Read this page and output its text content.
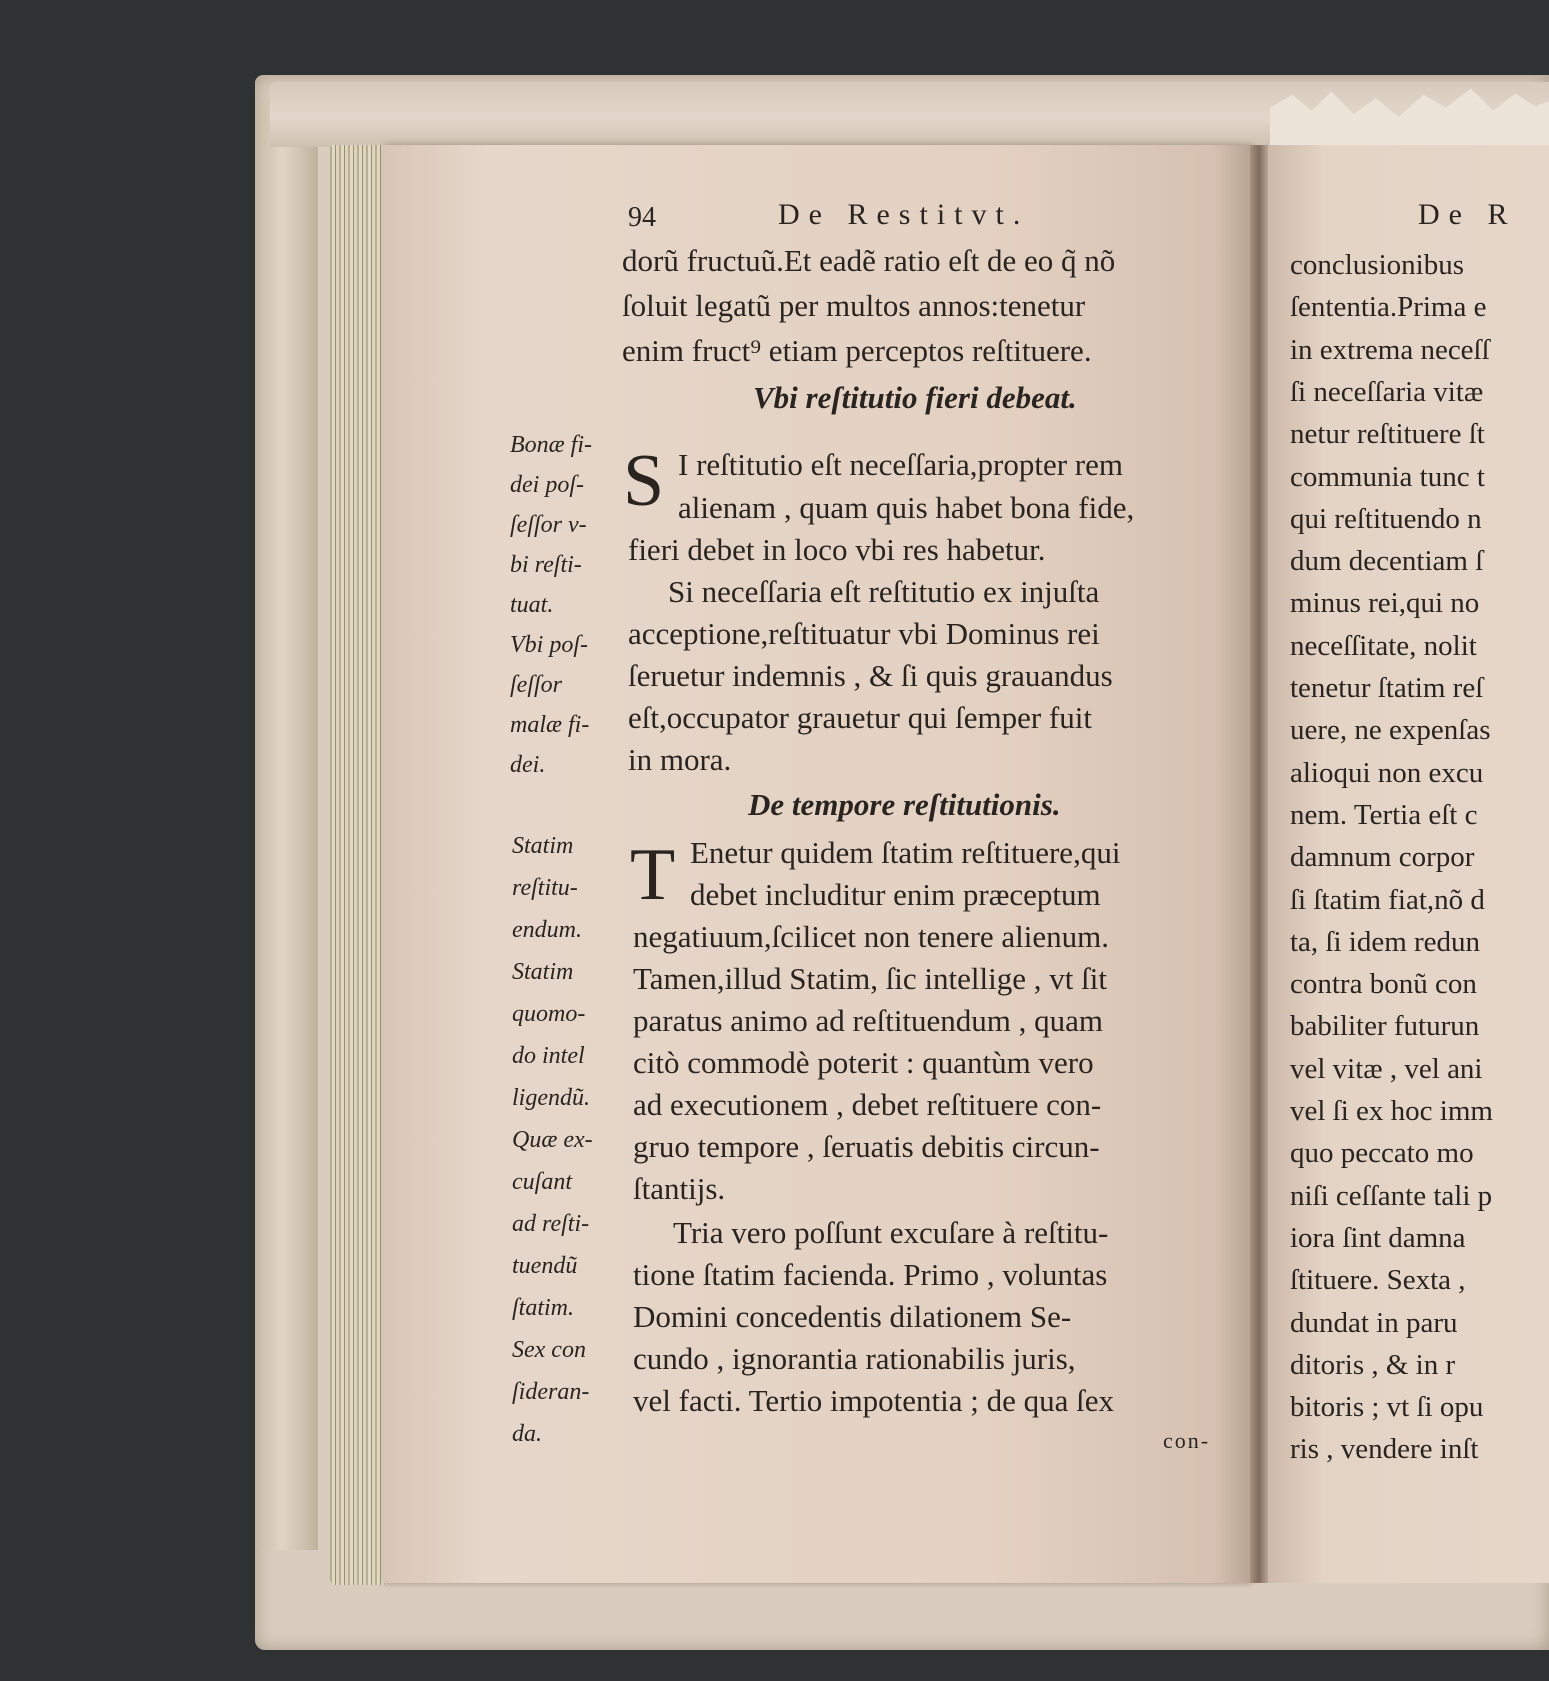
94	De Restitvt.
dorũ fructuũ.Et eadẽ ratio eſt de eo q̃ nõ
ſoluit legatũ per multos annos:tenetur
enim fruct⁹ etiam perceptos reſtituere.
Vbi reſtitutio fieri debeat.
S I reſtitutio eſt neceſſaria,propter rem
alienam , quam quis habet bona fide,
fieri debet in loco vbi res habetur.
Si neceſſaria eſt reſtitutio ex injuſta
acceptione,reſtituatur vbi Dominus rei
ſeruetur indemnis , & ſi quis grauandus
eſt,occupator grauetur qui ſemper fuit
in mora.
De tempore reſtitutionis.
T Enetur quidem ſtatim reſtituere,qui
debet includitur enim præceptum
negatiuum,ſcilicet non tenere alienum.
Tamen,illud Statim, ſic intellige , vt ſit
paratus animo ad reſtituendum , quam
citò commodè poterit : quantùm vero
ad executionem , debet reſtituere con-
gruo tempore , ſeruatis debitis circun-
ſtantijs.
Tria vero poſſunt excuſare à reſtitu-
tione ſtatim facienda. Primo , voluntas
Domini concedentis dilationem Se-
cundo , ignorantia rationabilis juris,
vel facti. Tertio impotentia ; de qua ſex
con-
Bonæ fi-
dei poſ-
ſeſſor v-
bi reſti-
tuat.
Vbi poſ-
ſeſſor
malæ fi-
dei.
Statim
reſtitu-
endum.
Statim
quomo-
do intel
ligendũ.
Quæ ex-
cuſant
ad reſti-
tuendũ
ſtatim.
Sex con
ſideran-
da.
De R
conclusionibus
ſententia.Prima e
in extrema neceſſ
ſi neceſſaria vitæ
netur reſtituere ſt
communia tunc t
qui reſtituendo n
dum decentiam ſ
minus rei,qui no
neceſſitate, nolit
tenetur ſtatim reſ
uere, ne expenſas
alioqui non excu
nem. Tertia eſt c
damnum corpor
ſi ſtatim fiat,nõ d
ta, ſi idem redun
contra bonũ con
babiliter futurun
vel vitæ , vel ani
vel ſi ex hoc imm
quo peccato mo
niſi ceſſante tali p
iora ſint damna
ſtituere. Sexta ,
dundat in paru
ditoris , & in r
bitoris ; vt ſi opu
ris , vendere inſt
